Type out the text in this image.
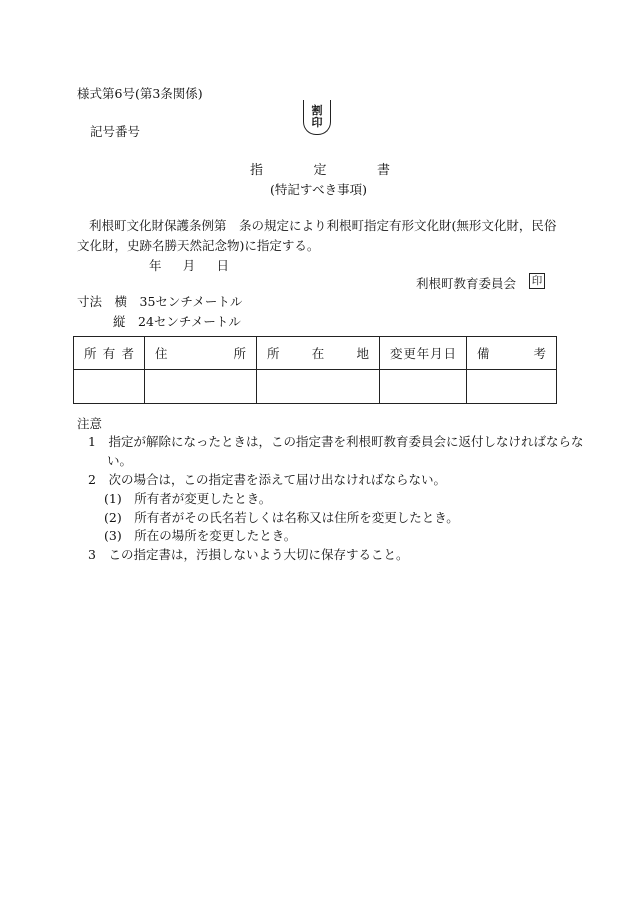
様式第6号(第3条関係)
記号番号
割
印
指	定	書
(特記すべき事項)
利根町文化財保護条例第　条の規定により利根町指定有形文化財(無形文化財，民俗文化財，史跡名勝天然記念物)に指定する。
年 月 日
利根町教育委員会 印
寸法　横　35センチメートル
縦　24センチメートル
所 有 者	住 所	所 在 地	変 更 年 月 日	備 考

注意
1　指定が解除になったときは，この指定書を利根町教育委員会に返付しなければならな
い。
2　次の場合は，この指定書を添えて届け出なければならない。
(1)　所有者が変更したとき。
(2)　所有者がその氏名若しくは名称又は住所を変更したとき。
(3)　所在の場所を変更したとき。
3　この指定書は，汚損しないよう大切に保存すること。
